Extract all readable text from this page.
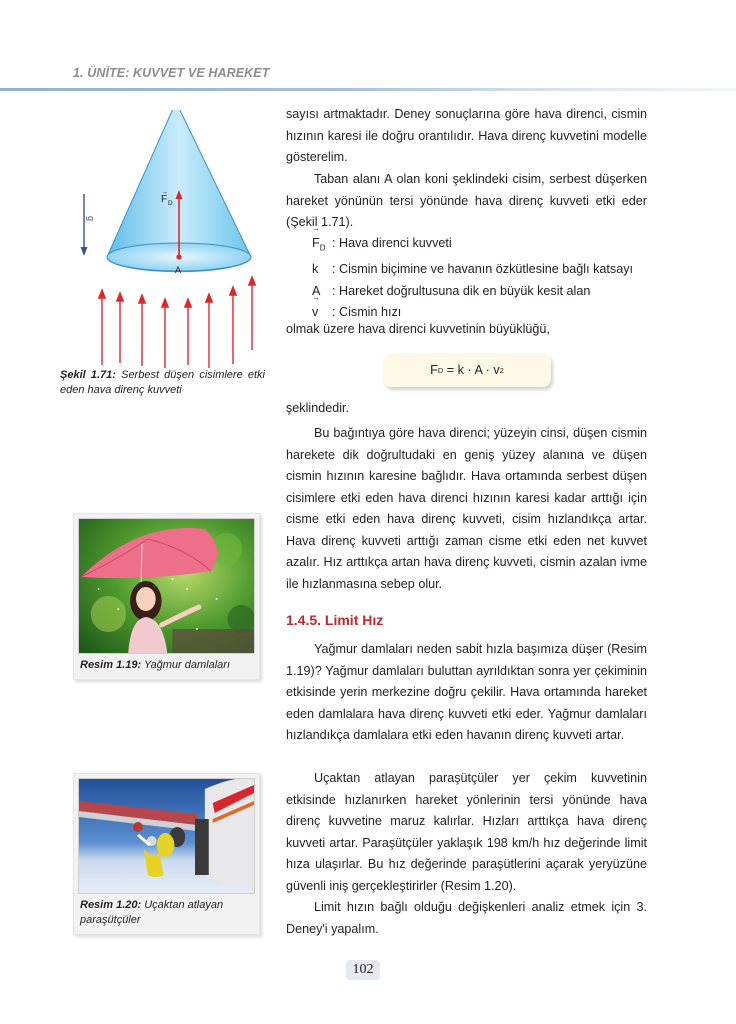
1. ÜNİTE: KUVVET VE HAREKET
sayısı artmaktadır. Deney sonuçlarına göre hava direnci, cismin hızının karesi ile doğru orantılıdır. Hava direnç kuvvetini modelle gösterelim.
Taban alanı A olan koni şeklindeki cisim, serbest düşerken hareket yönünün tersi yönünde hava direnç kuvveti etki eder (Şekil 1.71).
→ $F_D$ : Hava direnci kuvveti
k	: Cismin biçimine ve havanın özkütlesine bağlı katsayı
A : Hareket doğrultusuna dik en büyük kesit alan
→ v	: Cismin hızı
olmak üzere hava direnci kuvvetinin büyüklüğü,
F D
= k · A · v 2
şeklindedir.
Bu bağıntıya göre hava direnci; yüzeyin cinsi, düşen cismin harekete dik doğrultudaki en geniş yüzey alanına ve düşen cismin hızının karesine bağlıdır. Hava ortamında serbest düşen cisimlere etki eden hava direnci hızının karesi kadar arttığı için cisme etki eden hava direnç kuvveti, cisim hızlandıkça artar. Hava direnç kuvveti arttığı zaman cisme etki eden net kuvvet azalır. Hız arttıkça artan hava direnç kuvveti, cismin azalan ivme ile hızlanmasına sebep olur.
1.4.5. Limit Hız
Yağmur damlaları neden sabit hızla başımıza düşer (Resim 1.19)? Yağmur damlaları buluttan ayrıldıktan sonra yer çekiminin etkisinde yerin merkezine doğru çekilir. Hava ortamında hareket eden damlalara hava direnç kuvveti etki eder. Yağmur damlaları hızlandıkça damlalara etki eden havanın direnç kuvveti artar.
Uçaktan atlayan paraşütçüler yer çekim kuvvetinin etkisinde hızlanırken hareket yönlerinin tersi yönünde hava direnç kuvvetine maruz kalırlar. Hızları arttıkça hava direnç kuvveti artar. Paraşütçüler yaklaşık 198 km/h hız değerinde limit hıza ulaşırlar. Bu hız değerinde paraşütlerini açarak yeryüzüne güvenli iniş gerçekleştirirler (Resim 1.20).
Limit hızın bağlı olduğu değişkenleri analiz etmek için 3. Deney'i yapalım.
F D
→
A
g
Şekil 1.71: Serbest düşen cisimlere etki eden hava direnç kuvveti
Resim 1.19: Yağmur damlaları
Resim 1.20: Uçaktan atlayan paraşütçüler
102
